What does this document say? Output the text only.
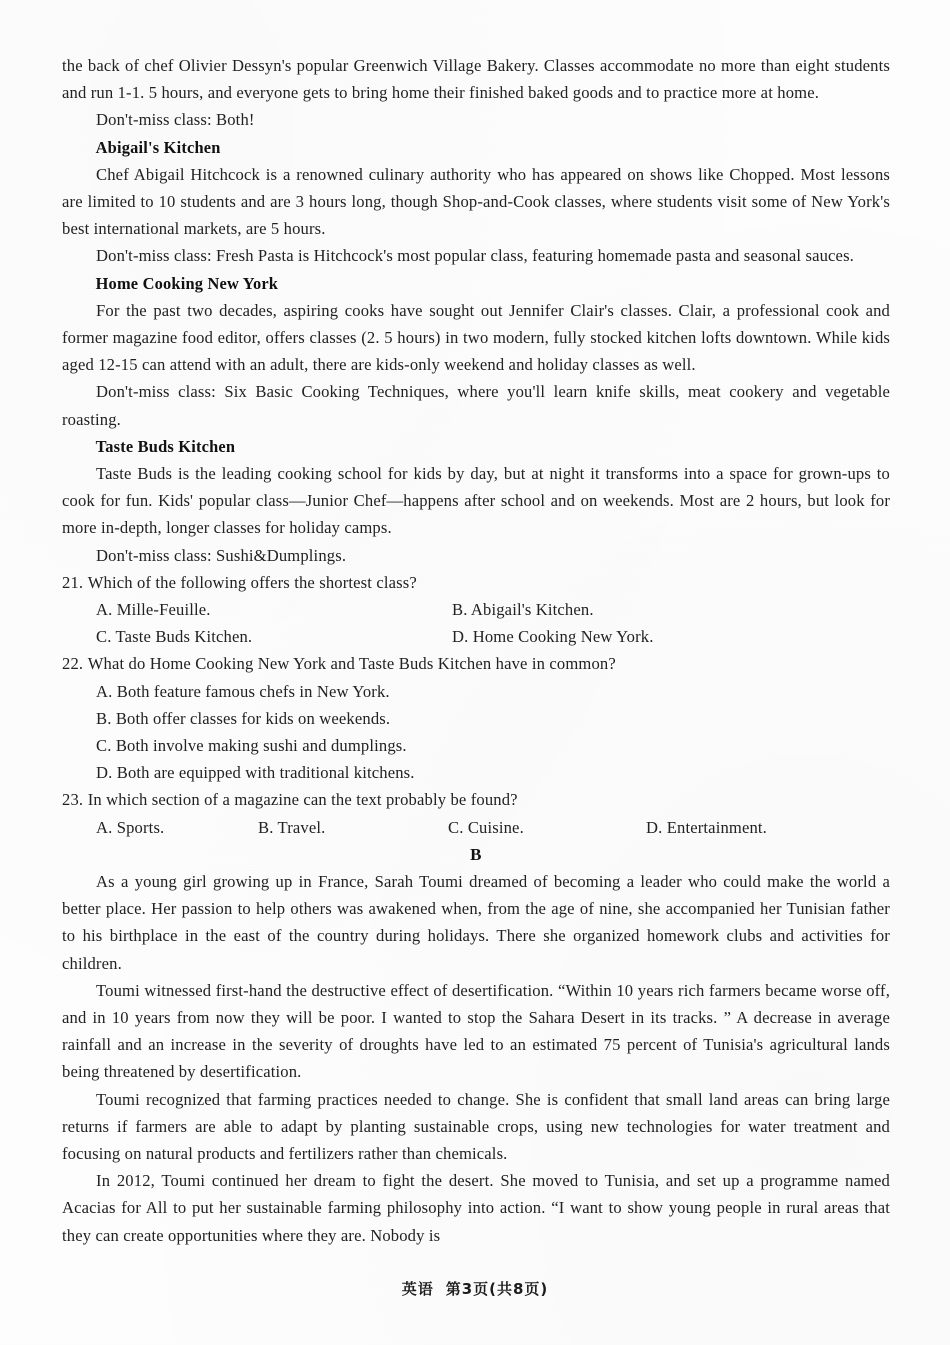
the back of chef Olivier Dessyn's popular Greenwich Village Bakery. Classes accommodate no more than eight students and run 1-1. 5 hours, and everyone gets to bring home their finished baked goods and to practice more at home.

Don't-miss class: Both!

Abigail's Kitchen

Chef Abigail Hitchcock is a renowned culinary authority who has appeared on shows like Chopped. Most lessons are limited to 10 students and are 3 hours long, though Shop-and-Cook classes, where students visit some of New York's best international markets, are 5 hours.

Don't-miss class: Fresh Pasta is Hitchcock's most popular class, featuring homemade pasta and seasonal sauces.

Home Cooking New York

For the past two decades, aspiring cooks have sought out Jennifer Clair's classes. Clair, a professional cook and former magazine food editor, offers classes (2. 5 hours) in two modern, fully stocked kitchen lofts downtown. While kids aged 12-15 can attend with an adult, there are kids-only weekend and holiday classes as well.

Don't-miss class: Six Basic Cooking Techniques, where you'll learn knife skills, meat cookery and vegetable roasting.

Taste Buds Kitchen

Taste Buds is the leading cooking school for kids by day, but at night it transforms into a space for grown-ups to cook for fun. Kids' popular class—Junior Chef—happens after school and on weekends. Most are 2 hours, but look for more in-depth, longer classes for holiday camps.

Don't-miss class: Sushi&Dumplings.

21. Which of the following offers the shortest class?

A. Mille-Feuille.	B. Abigail's Kitchen.
C. Taste Buds Kitchen.	D. Home Cooking New York.

22. What do Home Cooking New York and Taste Buds Kitchen have in common?

A. Both feature famous chefs in New York.
B. Both offer classes for kids on weekends.
C. Both involve making sushi and dumplings.
D. Both are equipped with traditional kitchens.

23. In which section of a magazine can the text probably be found?

A. Sports.	B. Travel.	C. Cuisine.	D. Entertainment.

B

As a young girl growing up in France, Sarah Toumi dreamed of becoming a leader who could make the world a better place. Her passion to help others was awakened when, from the age of nine, she accompanied her Tunisian father to his birthplace in the east of the country during holidays. There she organized homework clubs and activities for children.

Toumi witnessed first-hand the destructive effect of desertification. “Within 10 years rich farmers became worse off, and in 10 years from now they will be poor. I wanted to stop the Sahara Desert in its tracks. ” A decrease in average rainfall and an increase in the severity of droughts have led to an estimated 75 percent of Tunisia's agricultural lands being threatened by desertification.

Toumi recognized that farming practices needed to change. She is confident that small land areas can bring large returns if farmers are able to adapt by planting sustainable crops, using new technologies for water treatment and focusing on natural products and fertilizers rather than chemicals.

In 2012, Toumi continued her dream to fight the desert. She moved to Tunisia, and set up a programme named Acacias for All to put her sustainable farming philosophy into action. “I want to show young people in rural areas that they can create opportunities where they are. Nobody is

英语 第3页(共8页)
